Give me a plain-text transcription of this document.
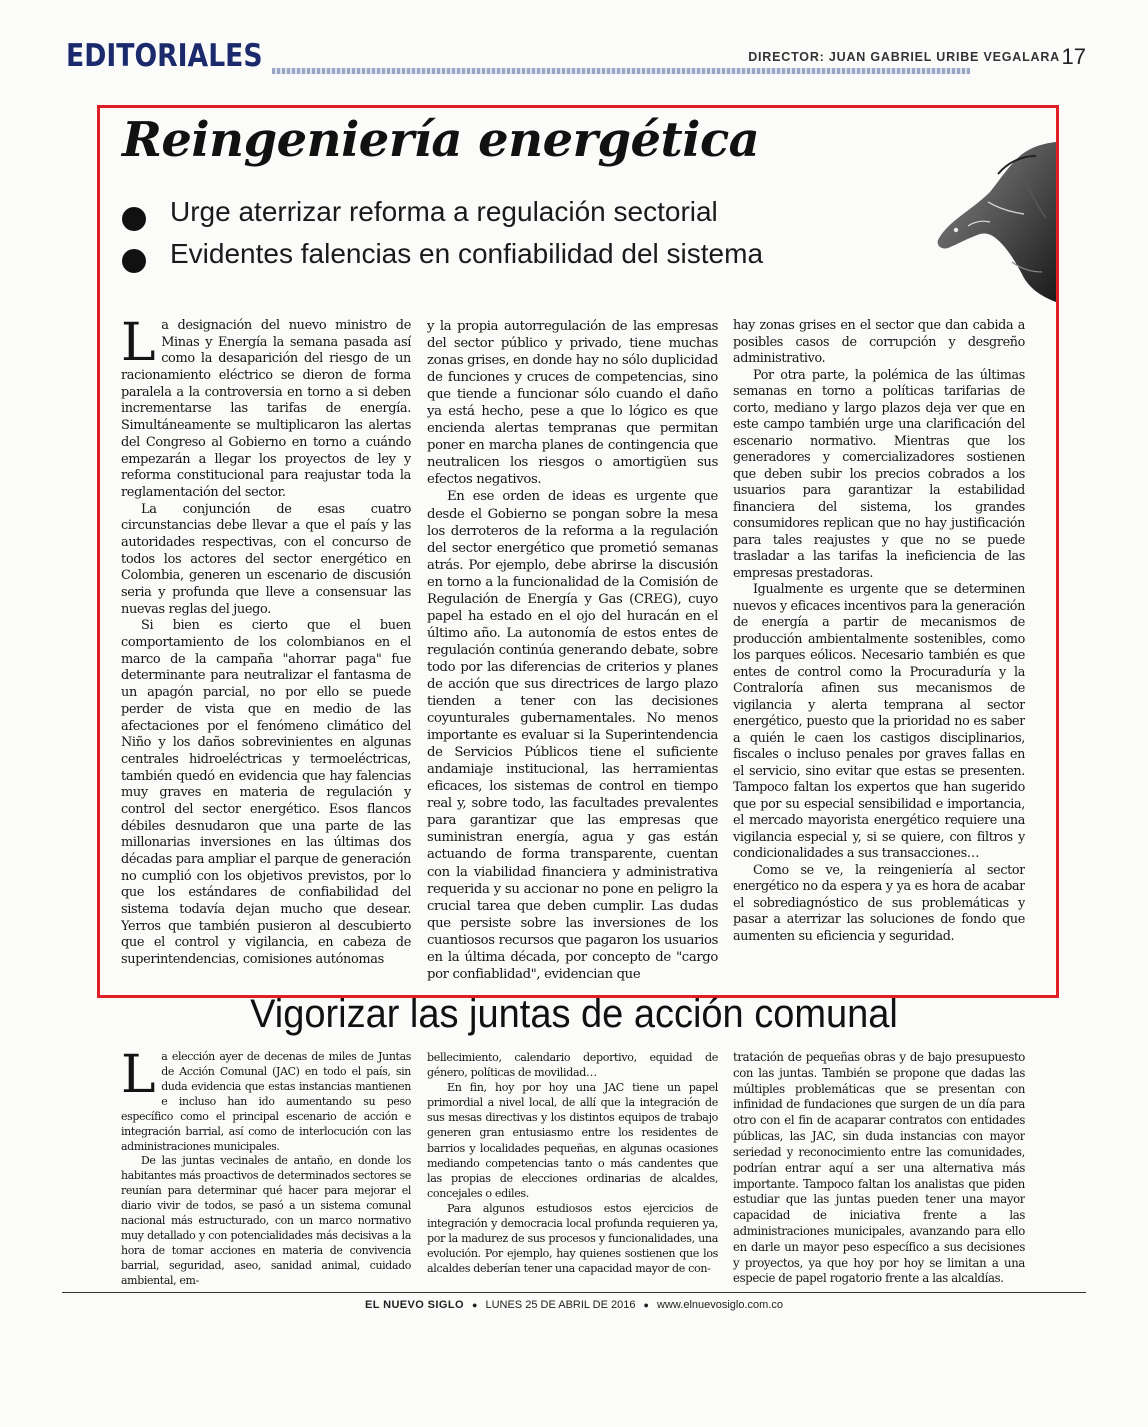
EDITORIALES	DIRECTOR: JUAN GABRIEL URIBE VEGALARA 17
Reingeniería energética
Urge aterrizar reforma a regulación sectorial
Evidentes falencias en confiabilidad del sistema

La designación del nuevo ministro de Minas y Energía la semana pasada así como la desaparición del riesgo de un racionamiento eléctrico se dieron de forma paralela a la controversia en torno a si deben incrementarse las tarifas de energía. Simultáneamente se multiplicaron las alertas del Congreso al Gobierno en torno a cuándo empezarán a llegar los proyectos de ley y reforma constitucional para reajustar toda la reglamentación del sector.

La conjunción de esas cuatro circunstancias debe llevar a que el país y las autoridades respectivas, con el concurso de todos los actores del sector energético en Colombia, generen un escenario de discusión seria y profunda que lleve a consensuar las nuevas reglas del juego.

Si bien es cierto que el buen comportamiento de los colombianos en el marco de la campaña "ahorrar paga" fue determinante para neutralizar el fantasma de un apagón parcial, no por ello se puede perder de vista que en medio de las afectaciones por el fenómeno climático del Niño y los daños sobrevinientes en algunas centrales hidroeléctricas y termoeléctricas, también quedó en evidencia que hay falencias muy graves en materia de regulación y control del sector energético. Esos flancos débiles desnudaron que una parte de las millonarias inversiones en las últimas dos décadas para ampliar el parque de generación no cumplió con los objetivos previstos, por lo que los estándares de confiabilidad del sistema todavía dejan mucho que desear. Yerros que también pusieron al descubierto que el control y vigilancia, en cabeza de superintendencias, comisiones autónomas

y la propia autorregulación de las empresas del sector público y privado, tiene muchas zonas grises, en donde hay no sólo duplicidad de funciones y cruces de competencias, sino que tiende a funcionar sólo cuando el daño ya está hecho, pese a que lo lógico es que encienda alertas tempranas que permitan poner en marcha planes de contingencia que neutralicen los riesgos o amortigüen sus efectos negativos.

En ese orden de ideas es urgente que desde el Gobierno se pongan sobre la mesa los derroteros de la reforma a la regulación del sector energético que prometió semanas atrás. Por ejemplo, debe abrirse la discusión en torno a la funcionalidad de la Comisión de Regulación de Energía y Gas (CREG), cuyo papel ha estado en el ojo del huracán en el último año. La autonomía de estos entes de regulación continúa generando debate, sobre todo por las diferencias de criterios y planes de acción que sus directrices de largo plazo tienden a tener con las decisiones coyunturales gubernamentales. No menos importante es evaluar si la Superintendencia de Servicios Públicos tiene el suficiente andamiaje institucional, las herramientas eficaces, los sistemas de control en tiempo real y, sobre todo, las facultades prevalentes para garantizar que las empresas que suministran energía, agua y gas están actuando de forma transparente, cuentan con la viabilidad financiera y administrativa requerida y su accionar no pone en peligro la crucial tarea que deben cumplir. Las dudas que persiste sobre las inversiones de los cuantiosos recursos que pagaron los usuarios en la última década, por concepto de "cargo por confiablidad", evidencian que

hay zonas grises en el sector que dan cabida a posibles casos de corrupción y desgreño administrativo.

Por otra parte, la polémica de las últimas semanas en torno a políticas tarifarias de corto, mediano y largo plazos deja ver que en este campo también urge una clarificación del escenario normativo. Mientras que los generadores y comercializadores sostienen que deben subir los precios cobrados a los usuarios para garantizar la estabilidad financiera del sistema, los grandes consumidores replican que no hay justificación para tales reajustes y que no se puede trasladar a las tarifas la ineficiencia de las empresas prestadoras.

Igualmente es urgente que se determinen nuevos y eficaces incentivos para la generación de energía a partir de mecanismos de producción ambientalmente sostenibles, como los parques eólicos. Necesario también es que entes de control como la Procuraduría y la Contraloría afinen sus mecanismos de vigilancia y alerta temprana al sector energético, puesto que la prioridad no es saber a quién le caen los castigos disciplinarios, fiscales o incluso penales por graves fallas en el servicio, sino evitar que estas se presenten. Tampoco faltan los expertos que han sugerido que por su especial sensibilidad e importancia, el mercado mayorista energético requiere una vigilancia especial y, si se quiere, con filtros y condicionalidades a sus transacciones…

Como se ve, la reingeniería al sector energético no da espera y ya es hora de acabar el sobrediagnóstico de sus problemáticas y pasar a aterrizar las soluciones de fondo que aumenten su eficiencia y seguridad.

Vigorizar las juntas de acción comunal

La elección ayer de decenas de miles de Juntas de Acción Comunal (JAC) en todo el país, sin duda evidencia que estas instancias mantienen e incluso han ido aumentando su peso específico como el principal escenario de acción e integración barrial, así como de interlocución con las administraciones municipales.

De las juntas vecinales de antaño, en donde los habitantes más proactivos de determinados sectores se reunían para determinar qué hacer para mejorar el diario vivir de todos, se pasó a un sistema comunal nacional más estructurado, con un marco normativo muy detallado y con potencialidades más decisivas a la hora de tomar acciones en materia de convivencia barrial, seguridad, aseo, sanidad animal, cuidado ambiental, em-

bellecimiento, calendario deportivo, equidad de género, políticas de movilidad…

En fin, hoy por hoy una JAC tiene un papel primordial a nivel local, de allí que la integración de sus mesas directivas y los distintos equipos de trabajo generen gran entusiasmo entre los residentes de barrios y localidades pequeñas, en algunas ocasiones mediando competencias tanto o más candentes que las propias de elecciones ordinarias de alcaldes, concejales o ediles.

Para algunos estudiosos estos ejercicios de integración y democracia local profunda requieren ya, por la madurez de sus procesos y funcionalidades, una evolución. Por ejemplo, hay quienes sostienen que los alcaldes deberían tener una capacidad mayor de con-

tratación de pequeñas obras y de bajo presupuesto con las juntas. También se propone que dadas las múltiples problemáticas que se presentan con infinidad de fundaciones que surgen de un día para otro con el fin de acaparar contratos con entidades públicas, las JAC, sin duda instancias con mayor seriedad y reconocimiento entre las comunidades, podrían entrar aquí a ser una alternativa más importante. Tampoco faltan los analistas que piden estudiar que las juntas pueden tener una mayor capacidad de iniciativa frente a las administraciones municipales, avanzando para ello en darle un mayor peso específico a sus decisiones y proyectos, ya que hoy por hoy se limitan a una especie de papel rogatorio frente a las alcaldías.

EL NUEVO SIGLO ● LUNES 25 DE ABRIL DE 2016 ● www.elnuevosiglo.com.co
